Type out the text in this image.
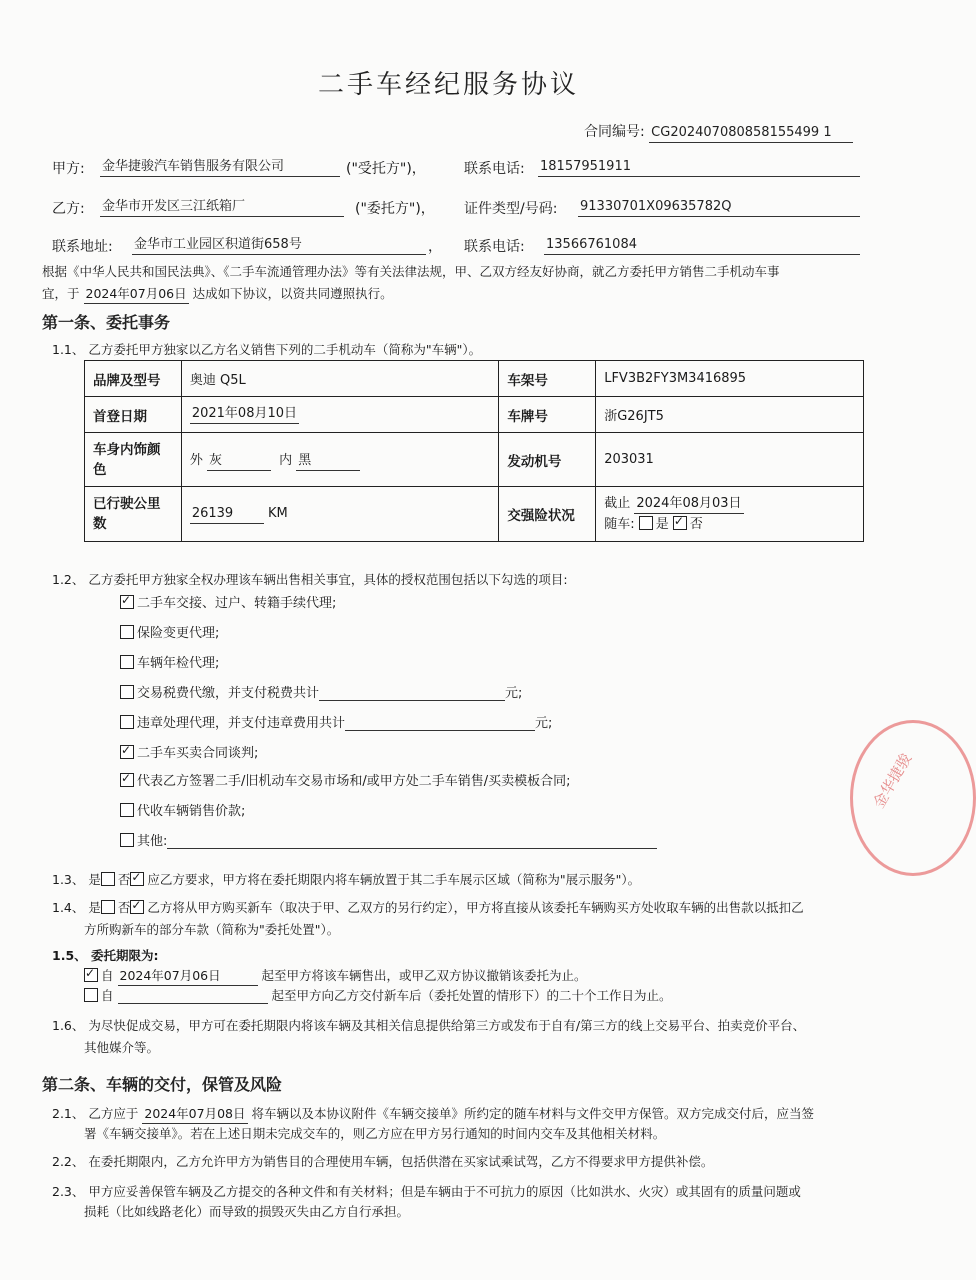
二手车经纪服务协议
合同编号: CG202407080858155499 1
甲方: 金华捷骏汽车销售服务有限公司	("受托方")，	联系电话: 18157951911
乙方: 金华市开发区三江纸箱厂	("委托方")， 证件类型/号码: 91330701X09635782Q
联系地址: 金华市工业园区积道街658号	， 联系电话: 13566761084
根据《中华人民共和国民法典》、《二手车流通管理办法》等有关法律法规，甲、乙双方经友好协商，就乙方委托甲方销售二手机动车事
宜，于 2024年07月06日 达成如下协议，以资共同遵照执行。
第一条、委托事务
1.1、 乙方委托甲方独家以乙方名义销售下列的二手机动车（简称为"车辆"）。
品牌及型号	奥迪 Q5L	车架号	LFV3B2FY3M3416895
首登日期	2021年08月10日	车牌号	浙G26JT5
车身内饰颜色	外 灰 内 黑	发动机号	203031
已行驶公里数	26139 KM	交强险状况	截止 2024年08月03日
随车: 是 ✓ 否
1.2、 乙方委托甲方独家全权办理该车辆出售相关事宜，具体的授权范围包括以下勾选的项目:
✓二手车交接、过户、转籍手续代理;
保险变更代理;
车辆年检代理;
交易税费代缴，并支付税费共计	元;
违章处理代理，并支付违章费用共计	元;
✓二手车买卖合同谈判;
✓代表乙方签署二手/旧机动车交易市场和/或甲方处二手车销售/买卖模板合同;
代收车辆销售价款;
其他:
1.3、 是 否 ✓ 应乙方要求，甲方将在委托期限内将车辆放置于其二手车展示区域（简称为"展示服务"）。
1.4、 是 否 ✓ 乙方将从甲方购买新车（取决于甲、乙双方的另行约定），甲方将直接从该委托车辆购买方处收取车辆的出售款以抵扣乙
方所购新车的部分车款（简称为"委托处置"）。
1.5、 委托期限为:
✓自 2024年07月06日	起至甲方将该车辆售出，或甲乙双方协议撤销该委托为止。
自	起至甲方向乙方交付新车后（委托处置的情形下）的二十个工作日为止。
1.6、 为尽快促成交易，甲方可在委托期限内将该车辆及其相关信息提供给第三方或发布于自有/第三方的线上交易平台、拍卖竞价平台、
其他媒介等。
第二条、车辆的交付，保管及风险
2.1、 乙方应于 2024年07月08日 将车辆以及本协议附件《车辆交接单》所约定的随车材料与文件交甲方保管。双方完成交付后，应当签
署《车辆交接单》。若在上述日期未完成交车的，则乙方应在甲方另行通知的时间内交车及其他相关材料。
2.2、 在委托期限内，乙方允许甲方为销售目的合理使用车辆，包括供潜在买家试乘试驾，乙方不得要求甲方提供补偿。
2.3、 甲方应妥善保管车辆及乙方提交的各种文件和有关材料；但是车辆由于不可抗力的原因（比如洪水、火灾）或其固有的质量问题或
损耗（比如线路老化）而导致的损毁灭失由乙方自行承担。
金华捷骏
